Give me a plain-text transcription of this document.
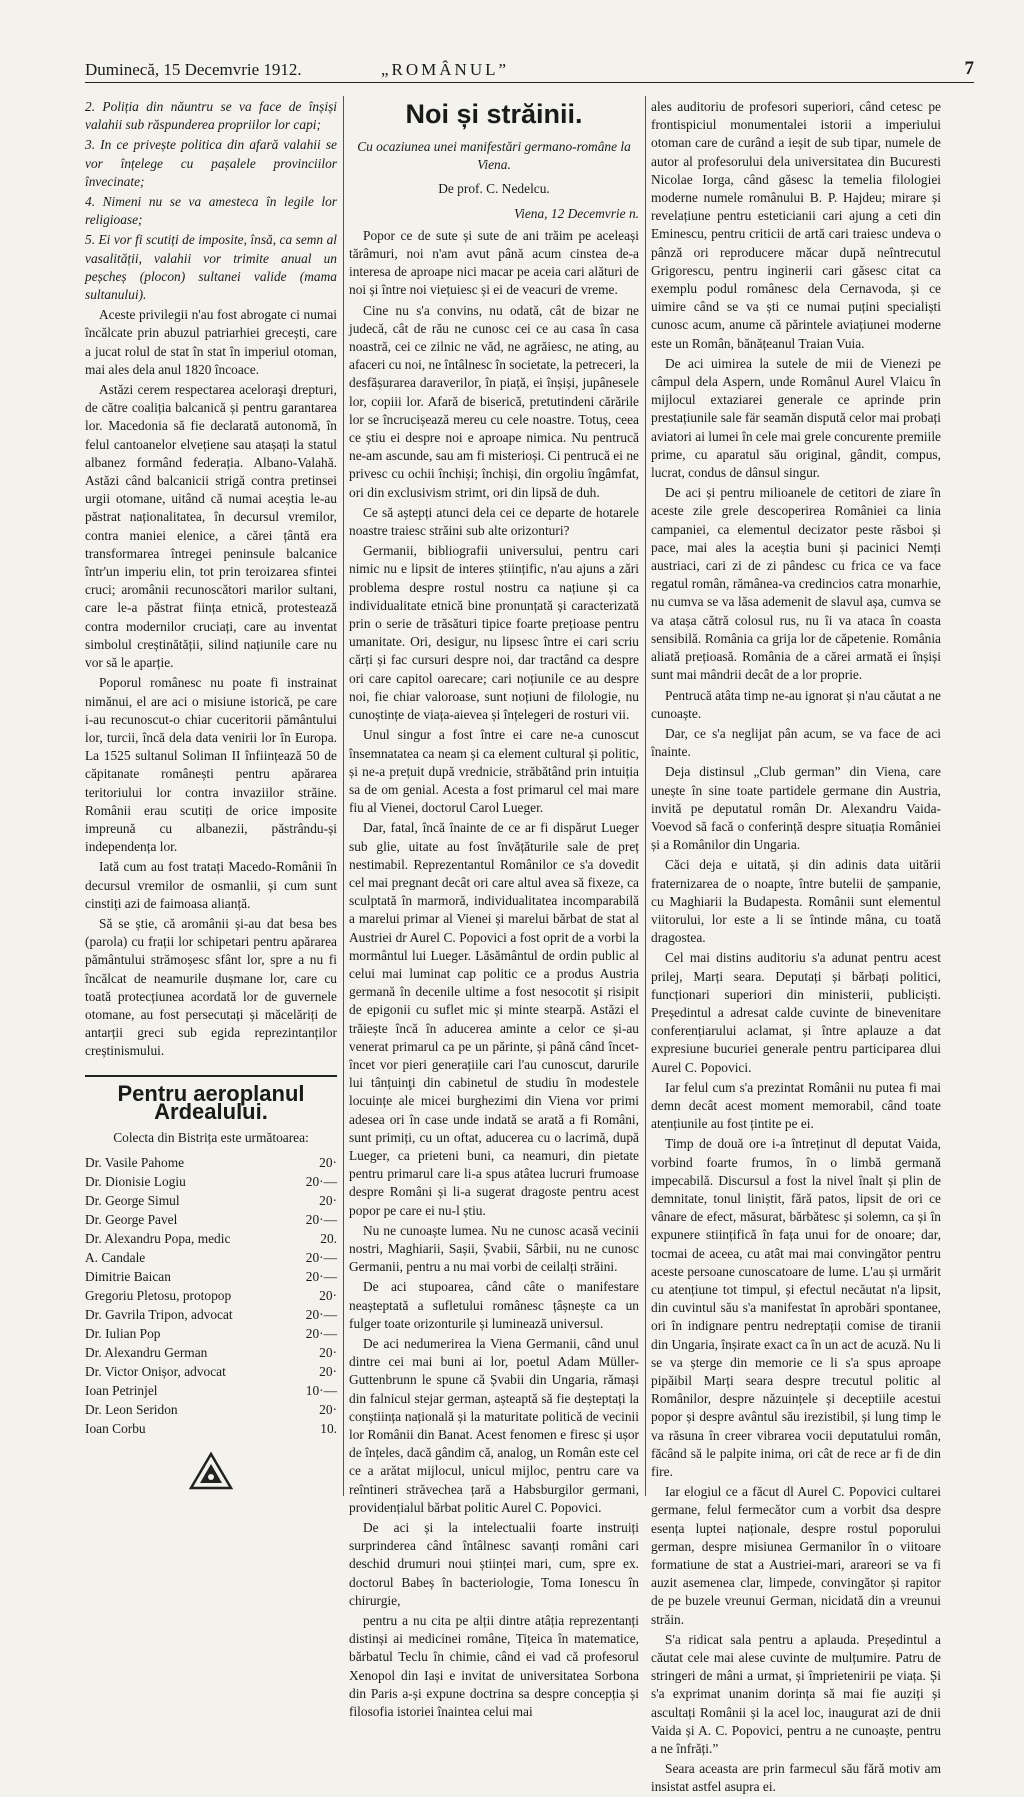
Duminecă, 15 Decemvrie 1912.	„ROMÂNUL”	7

2. Poliția din năuntru se va face de înșiși valahii sub răspunderea propriilor lor capi;

3. In ce privește politica din afară valahii se vor înțelege cu pașalele provinciilor învecinate;

4. Nimeni nu se va amesteca în legile lor religioase;

5. Ei vor fi scutiți de imposite, însă, ca semn al vasalității, valahii vor trimite anual un peșcheș (plocon) sultanei valide (mama sultanului).

Aceste privilegii n'au fost abrogate ci numai încălcate prin abuzul patriarhiei grecești, care a jucat rolul de stat în stat în imperiul otoman, mai ales dela anul 1820 încoace.

Astăzi cerem respectarea aceloraşi drepturi, de către coaliția balcanică și pentru garantarea lor. Macedonia să fie declarată autonomă, în felul cantoanelor elvețiene sau atașați la statul albanez formând federația. Albano-Valahă. Astăzi când balcanicii strigă contra pretinsei urgii otomane, uitând că numai aceștia le-au păstrat naționalitatea, în decursul vremilor, contra maniei elenice, a cărei țântă era transformarea întregei peninsule balcanice într'un imperiu elin, tot prin teroizarea sfintei cruci; aromânii recunoscători marilor sultani, care le-a păstrat ființa etnică, protestează contra modernilor cruciați, care au inventat simbolul creștinătății, silind națiunile care nu vor să le aparție.

Poporul românesc nu poate fi instrainat nimănui, el are aci o misiune istorică, pe care i-au recunoscut-o chiar cuceritorii pământului lor, turcii, încă dela data venirii lor în Europa. La 1525 sultanul Soliman II înființează 50 de căpitanate românești pentru apărarea teritoriului lor contra invaziilor străine. Românii erau scutiți de orice imposite impreună cu albanezii, păstrându-și independența lor.

Iată cum au fost tratați Macedo-Românii în decursul vremilor de osmanlii, și cum sunt cinstiți azi de faimoasa alianță.

Să se știe, că aromânii și-au dat besa bes (parola) cu frații lor schipetari pentru apărarea pământului strămoșesc sfânt lor, spre a nu fi încălcat de neamurile dușmane lor, care cu toată protecțiunea acordată lor de guvernele otomane, au fost persecutați și măcelăriți de antarții greci sub egida reprezintanților creștinismului.

Pentru aeroplanul Ardealului.
Colecta din Bistrița este următoarea:
Dr. Vasile Pahome	20·
Dr. Dionisie Logiu	20·—
Dr. George Simul	20·
Dr. George Pavel	20·—
Dr. Alexandru Popa, medic	20.
A. Candale	20·—
Dimitrie Baican	20·—
Gregoriu Pletosu, protopop	20·
Dr. Gavrila Tripon, advocat	20·—
Dr. Iulian Pop	20·—
Dr. Alexandru German	20·
Dr. Victor Onișor, advocat	20·
Ioan Petrinjel	10·—
Dr. Leon Seridon	20·
Ioan Corbu	10.
Noi și străinii.
Cu ocaziunea unei manifestări germano-române la Viena.
De prof. C. Nedelcu.
Viena, 12 Decemvrie n.

Popor ce de sute și sute de ani trăim pe aceleași tărâmuri, noi n'am avut până acum cinstea de-a interesa de aproape nici macar pe aceia cari alături de noi și între noi viețuiesc și ei de veacuri de vreme.

Cine nu s'a convins, nu odată, cât de bizar ne judecă, cât de rău ne cunosc cei ce au casa în casa noastră, cei ce zilnic ne văd, ne agrăiesc, ne ating, au afaceri cu noi, ne întâlnesc în societate, la petreceri, la desfășurarea daraverilor, în piață, ei înșiși, jupânesele lor, copiii lor. Afară de biserică, pretutindeni cărările lor se încrucișează mereu cu cele noastre. Totuș, ceea ce știu ei despre noi e aproape nimica. Nu pentrucă ne-am ascunde, sau am fi misterioși. Ci pentrucă ei ne privesc cu ochii închiși; închiși, din orgoliu îngâmfat, ori din exclusivism strimt, ori din lipsă de duh.

Ce să aștepți atunci dela cei ce departe de hotarele noastre traiesc străini sub alte orizonturi?

Germanii, bibliografii universului, pentru cari nimic nu e lipsit de interes științific, n'au ajuns a zări problema despre rostul nostru ca națiune și ca individualitate etnică bine pronunțată și caracterizată prin o serie de trăsături tipice foarte prețioase pentru umanitate. Ori, desigur, nu lipsesc între ei cari scriu cărți și fac cursuri despre noi, dar tractând ca despre ori care capitol oarecare; cari noțiunile ce au despre noi, fie chiar valoroase, sunt noțiuni de filologie, nu cunoștințe de viața-aievea și înțelegeri de rosturi vii.

Unul singur a fost între ei care ne-a cunoscut însemnatatea ca neam și ca element cultural și politic, și ne-a prețuit după vrednicie, străbătând prin intuiția sa de om genial. Acesta a fost primarul cel mai mare fiu al Vienei, doctorul Carol Lueger.

Dar, fatal, încă înainte de ce ar fi dispărut Lueger sub glie, uitate au fost învățăturile sale de preț nestimabil. Reprezentantul Românilor ce s'a dovedit cel mai pregnant decât ori care altul avea să fixeze, ca sculptată în marmoră, individualitatea incomparabilă a marelui primar al Vienei și marelui bărbat de stat al Austriei dr Aurel C. Popovici a fost oprit de a vorbi la mormântul lui Lueger. Lăsământul de ordin public al celui mai luminat cap politic ce a produs Austria germană în decenile ultime a fost nesocotit și risipit de epigonii cu suflet mic și minte stearpă. Astăzi el trăiește încă în aducerea aminte a celor ce și-au venerat primarul ca pe un părinte, și până când încet-încet vor pieri generațiile cari l'au cunoscut, darurile lui tânțuinţi din cabinetul de studiu în modestele locuințe ale micei burghezimi din Viena vor primi adesea ori în case unde indată se arată a fi Români, sunt primiți, cu un oftat, aducerea cu o lacrimă, după Lueger, ca prieteni buni, ca neamuri, din pietate pentru primarul care li-a spus atâtea lucruri frumoase despre Români și li-a sugerat dragoste pentru acest popor pe care ei nu-l știu.

Nu ne cunoaște lumea. Nu ne cunosc acasă vecinii nostri, Maghiarii, Sașii, Șvabii, Sârbii, nu ne cunosc Germanii, pentru a nu mai vorbi de ceilalți străini.

De aci stupoarea, când câte o manifestare neașteptată a sufletului românesc țâșnește ca un fulger toate orizonturile și luminează universul.

De aci nedumerirea la Viena Germanii, când unul dintre cei mai buni ai lor, poetul Adam Müller-Guttenbrunn le spune că Șvabii din Ungaria, rămași din falnicul stejar german, așteaptă să fie deșteptați la conștiința națională și la maturitate politică de vecinii lor Românii din Banat. Acest fenomen e firesc și ușor de înțeles, dacă gândim că, analog, un Român este cel ce a arătat mijlocul, unicul mijloc, pentru care va reîntineri străvechea țară a Habsburgilor germani, providențialul bărbat politic Aurel C. Popovici.

De aci și la intelectualii foarte instruiți surprinderea când întâlnesc savanți români cari deschid drumuri noui științei mari, cum, spre ex. doctorul Babeș în bacteriologie, Toma Ionescu în chirurgie,

pentru a nu cita pe alții dintre atâția reprezentanți distinși ai medicinei române, Tițeica în matematice, bărbatul Teclu în chimie, când ei vad că profesorul Xenopol din Iași e invitat de universitatea Sorbona din Paris a-și expune doctrina sa despre concepția și filosofia istoriei înaintea celui mai

ales auditoriu de profesori superiori, când cetesc pe frontispiciul monumentalei istorii a imperiului otoman care de curând a ieșit de sub tipar, numele de autor al profesorului dela universitatea din Bucuresti Nicolae Iorga, când găsesc la temelia filologiei moderne numele românului B. P. Hajdeu; mirare și revelațiune pentru esteticianii cari ajung a ceti din Eminescu, pentru criticii de artă cari traiesc undeva o pânză ori reproducere măcar după neîntrecutul Grigorescu, pentru inginerii cari găsesc citat ca exemplu podul românesc dela Cernavoda, și ce uimire când se va ști ce numai puțini specialiști cunosc acum, anume că părintele aviațiunei moderne este un Român, bănățeanul Traian Vuia.

De aci uimirea la sutele de mii de Vienezi pe câmpul dela Aspern, unde Românul Aurel Vlaicu în mijlocul extaziarei generale ce aprinde prin prestațiunile sale fär seamăn dispută celor mai probați aviatori ai lumei în cele mai grele concurente premiile prime, cu aparatul său original, gândit, compus, lucrat, condus de dânsul singur.

De aci și pentru milioanele de cetitori de ziare în aceste zile grele descoperirea României ca linia campaniei, ca elementul decizator peste răsboi și pace, mai ales la aceștia buni și pacinici Nemți austriaci, cari zi de zi pândesc cu frica ce va face regatul român, rămânea-va credincios catra monarhie, nu cumva se va lăsa ademenit de slavul așa, cumva se va atașa cătră colosul rus, nu îi va ataca în coasta sensibilă. România ca grija lor de căpetenie. România aliată prețioasă. România de a cărei armată ei înșiși sunt mai mândrii decât de a lor proprie.

Pentrucă atâta timp ne-au ignorat și n'au căutat a ne cunoaște.

Dar, ce s'a neglijat pân acum, se va face de aci înainte.

Deja distinsul „Club german” din Viena, care unește în sine toate partidele germane din Austria, invită pe deputatul român Dr. Alexandru Vaida-Voevod să facă o conferință despre situația României și a Românilor din Ungaria.

Căci deja e uitată, și din adinis data uitării fraternizarea de o noapte, între butelii de șampanie, cu Maghiarii la Budapesta. Românii sunt elementul viitorului, lor este a li se întinde mâna, cu toată dragostea.

Cel mai distins auditoriu s'a adunat pentru acest prilej, Marți seara. Deputați și bărbați politici, funcționari superiori din ministerii, publiciști. Președintul a adresat calde cuvinte de binevenitare conferențiarului aclamat, și între aplauze a dat expresiune bucuriei generale pentru participarea dlui Aurel C. Popovici.

Iar felul cum s'a prezintat Românii nu putea fi mai demn decât acest moment memorabil, când toate atențiunile au fost țintite pe ei.

Timp de două ore i-a întreținut dl deputat Vaida, vorbind foarte frumos, în o limbă germană impecabilă. Discursul a fost la nivel înalt și plin de demnitate, tonul liniștit, fără patos, lipsit de ori ce vânare de efect, măsurat, bărbătesc și solemn, ca și în expunere stiințifică în fața unui for de onoare; dar, tocmai de aceea, cu atât mai mai convingător pentru aceste persoane cunoscatoare de lume. L'au și urmărit cu atențiune tot timpul, și efectul necăutat n'a lipsit, din cuvintul său s'a manifestat în aprobări spontanee, ori în indignare pentru nedreptații comise de tiranii din Ungaria, înșirate exact ca în un act de acuză. Nu li se va șterge din memorie ce li s'a spus aproape pipăibil Marți seara despre trecutul politic al Românilor, despre năzuințele și deceptiile acestui popor și despre avântul său irezistibil, și lung timp le va răsuna în creer vibrarea vocii deputatului român, făcând să le palpite inima, ori cât de rece ar fi de din fire.

Iar elogiul ce a făcut dl Aurel C. Popovici cultarei germane, felul fermecător cum a vorbit dsa despre esența luptei naționale, despre rostul poporului german, despre misiunea Germanilor în o viitoare formatiune de stat a Austriei-mari, arareori se va fi auzit asemenea clar, limpede, convingător și rapitor de pe buzele vreunui German, nicidată din a vreunui străin.

S'a ridicat sala pentru a aplauda. Președintul a căutat cele mai alese cuvinte de mulțumire. Patru de stringeri de mâni a urmat, și împrietenirii pe viața. Și s'a exprimat unanim dorința să mai fie auziți și ascultați Românii și la acel loc, inaugurat azi de dnii Vaida și A. C. Popovici, pentru a ne cunoaște, pentru a ne înfrăți.”

Seara aceasta are prin farmecul său fără motiv am insistat astfel asupra ei.
